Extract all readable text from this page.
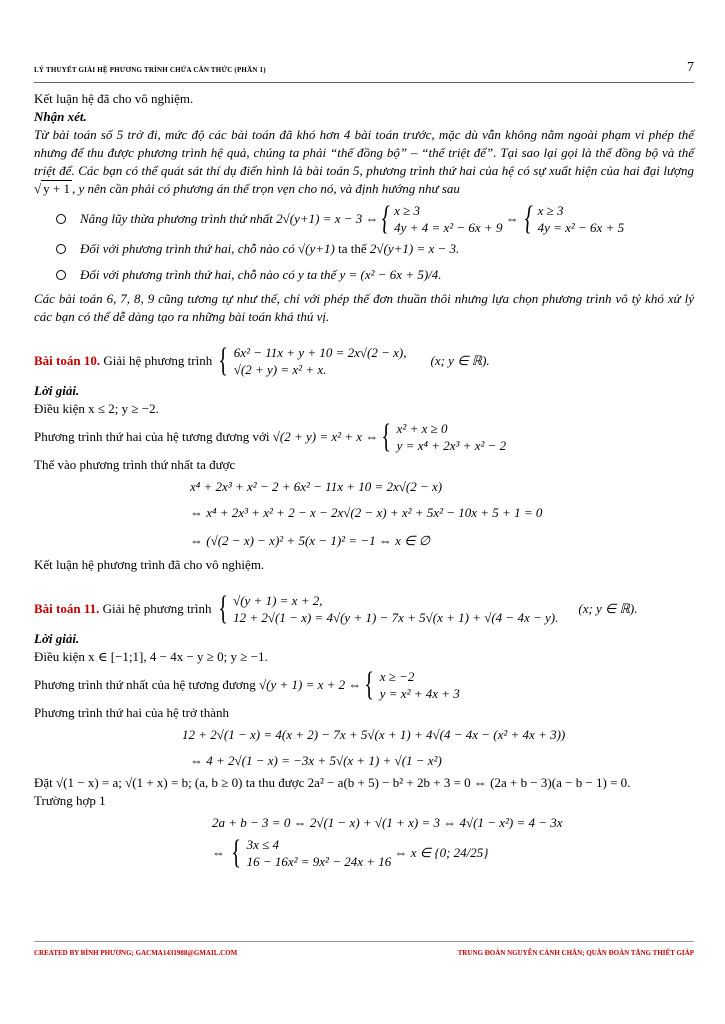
LÝ THUYẾT GIẢI HỆ PHƯƠNG TRÌNH CHỨA CĂN THỨC (PHẦN 1)	7
Kết luận hệ đã cho vô nghiệm.
Nhận xét.
Từ bài toán số 5 trở đi, mức độ các bài toán đã khó hơn 4 bài toán trước, mặc dù vẫn không nằm ngoài phạm vi phép thế nhưng để thu được phương trình hệ quả, chúng ta phải “thế đồng bộ” – “thế triệt để”. Tại sao lại gọi là thế đồng bộ và thế triệt để. Các bạn có thể quát sát thí dụ điển hình là bài toán 5, phương trình thứ hai của hệ có sự xuất hiện của hai đại lượng √ y + 1 , y nên cần phải có phương án thế trọn vẹn cho nó, và định hướng như sau
Nâng lũy thừa phương trình thứ nhất
2√(y+1) = x − 3 ⇔ { x ≥ 3
4y + 4 = x² − 6x + 9
⇔ { x ≥ 3
4y = x² − 6x + 5
Đối với phương trình thứ hai, chỗ nào có
√(y+1)
ta thế
2√(y+1) = x − 3.
Đối với phương trình thứ hai, chỗ nào có y ta thế
y = (x² − 6x + 5)/4.
Các bài toán 6, 7, 8, 9 cũng tương tự như thế, chỉ với phép thế đơn thuần thôi nhưng lựa chọn phương trình vô tỷ khó xử lý các bạn có thể dễ dàng tạo ra những bài toán khá thú vị.
Bài toán 10.
Giải hệ phương trình
{ 6x² − 11x + y + 10 = 2x√(2 − x),
√(2 + y) = x² + x.
(x; y ∈ ℝ).
Lời giải.
Điều kiện x ≤ 2; y ≥ −2.
Phương trình thứ hai của hệ tương đương với
√(2 + y) = x² + x ⇔ { x² + x ≥ 0
y = x⁴ + 2x³ + x² − 2
Thế vào phương trình thứ nhất ta được
x⁴ + 2x³ + x² − 2 + 6x² − 11x + 10 = 2x√(2 − x)
⇔ x⁴ + 2x³ + x² + 2 − x − 2x√(2 − x) + x² + 5x² − 10x + 5 + 1 = 0
⇔ (√(2 − x) − x)² + 5(x − 1)² = −1 ⇔ x ∈ ∅
Kết luận hệ phương trình đã cho vô nghiệm.
Bài toán 11.
Giải hệ phương trình
{ √(y + 1) = x + 2,
12 + 2√(1 − x) = 4√(y + 1) − 7x + 5√(x + 1) + √(4 − 4x − y).
(x; y ∈ ℝ).
Lời giải.
Điều kiện x ∈ [−1;1], 4 − 4x − y ≥ 0; y ≥ −1.
Phương trình thứ nhất của hệ tương đương
√(y + 1) = x + 2 ⇔ { x ≥ −2
y = x² + 4x + 3
Phương trình thứ hai của hệ trở thành
12 + 2√(1 − x) = 4(x + 2) − 7x + 5√(x + 1) + 4√(4 − 4x − (x² + 4x + 3))
⇔ 4 + 2√(1 − x) = −3x + 5√(x + 1) + √(1 − x²)
Đặt √(1 − x) = a; √(1 + x) = b; (a, b ≥ 0) ta thu được 2a² − a(b + 5) − b² + 2b + 3 = 0 ⇔ (2a + b − 3)(a − b − 1) = 0.
Trường hợp 1
2a + b − 3 = 0 ⇔ 2√(1 − x) + √(1 + x) = 3 ⇔ 4√(1 − x²) = 4 − 3x
⇔
{ 3x ≤ 4
16 − 16x² = 9x² − 24x + 16

⇔ x ∈ {0; 24/25}
CREATED BY BÌNH PHƯƠNG; GACMA1431988@GMAIL.COM	TRUNG ĐOÀN NGUYỄN CẢNH CHÂN; QUÂN ĐOÀN TĂNG THIẾT GIÁP
